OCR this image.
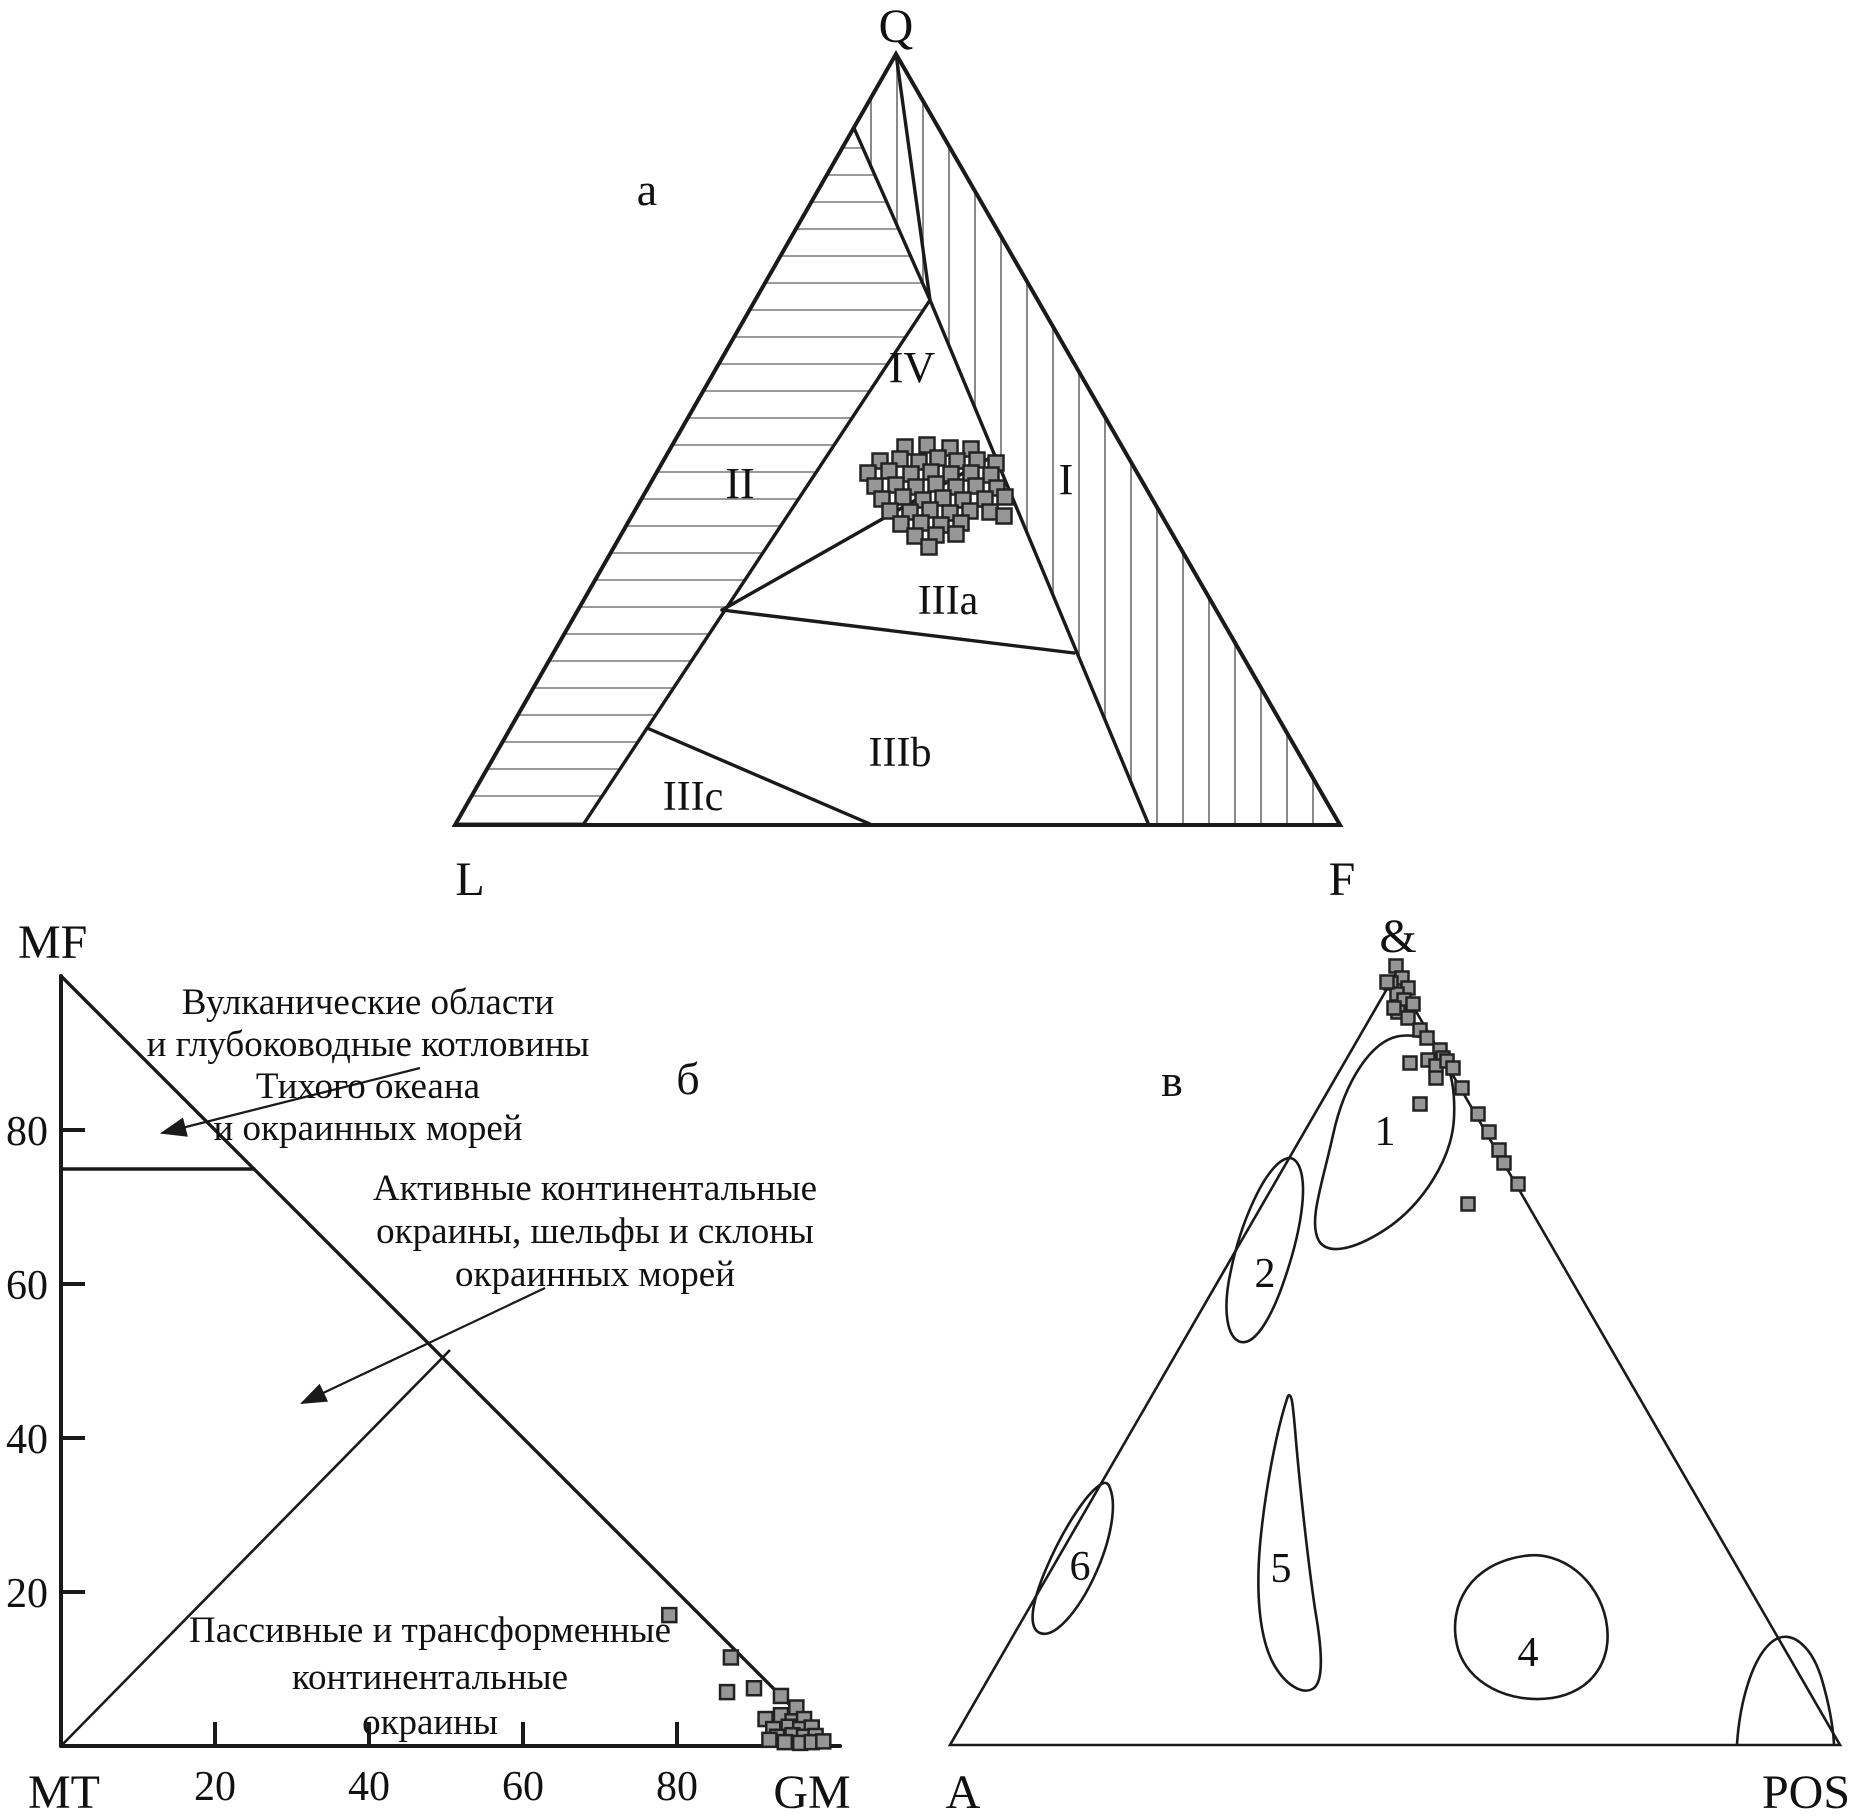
Q
L	F
а
II
IV
I
IIIa
IIIb
IIIc
20	40	60	80
80
60
40
20
MF
MT	GM
б
Вулканические области
и глубоководные котловины
Тихого океана
и окраинных морей
Активные континентальные
окраины, шельфы и склоны
окраинных морей
Пассивные и трансформенные
континентальные
окраины
&
А	POS
в
1
2
5
6
4
